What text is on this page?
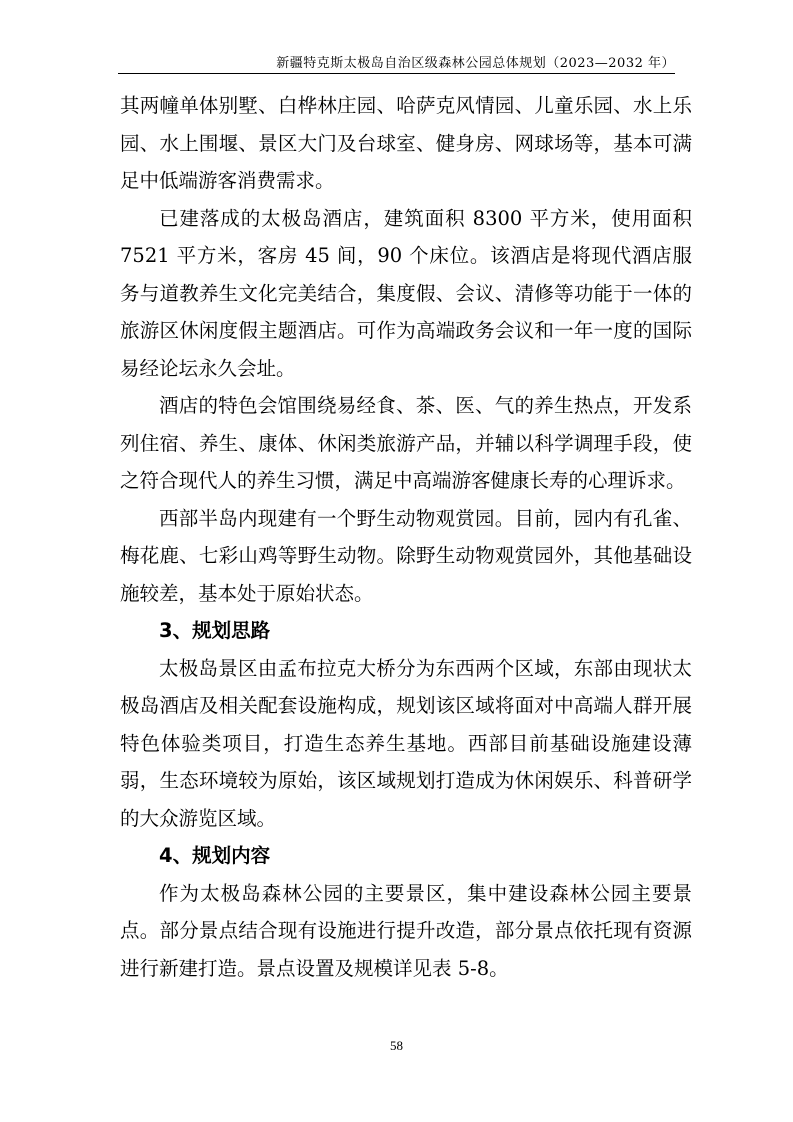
新疆特克斯太极岛自治区级森林公园总体规划（2023—2032 年）

其两幢单体别墅、白桦林庄园、哈萨克风情园、儿童乐园、水上乐园、水上围堰、景区大门及台球室、健身房、网球场等，基本可满足中低端游客消费需求。

已建落成的太极岛酒店，建筑面积 8300 平方米，使用面积 7521 平方米，客房 45 间，90 个床位。该酒店是将现代酒店服务与道教养生文化完美结合，集度假、会议、清修等功能于一体的旅游区休闲度假主题酒店。可作为高端政务会议和一年一度的国际易经论坛永久会址。

酒店的特色会馆围绕易经食、茶、医、气的养生热点，开发系列住宿、养生、康体、休闲类旅游产品，并辅以科学调理手段，使之符合现代人的养生习惯，满足中高端游客健康长寿的心理诉求。

西部半岛内现建有一个野生动物观赏园。目前，园内有孔雀、梅花鹿、七彩山鸡等野生动物。除野生动物观赏园外，其他基础设施较差，基本处于原始状态。

3、规划思路

太极岛景区由孟布拉克大桥分为东西两个区域，东部由现状太极岛酒店及相关配套设施构成，规划该区域将面对中高端人群开展特色体验类项目，打造生态养生基地。西部目前基础设施建设薄弱，生态环境较为原始，该区域规划打造成为休闲娱乐、科普研学的大众游览区域。

4、规划内容

作为太极岛森林公园的主要景区，集中建设森林公园主要景点。部分景点结合现有设施进行提升改造，部分景点依托现有资源进行新建打造。景点设置及规模详见表 5-8。

58
